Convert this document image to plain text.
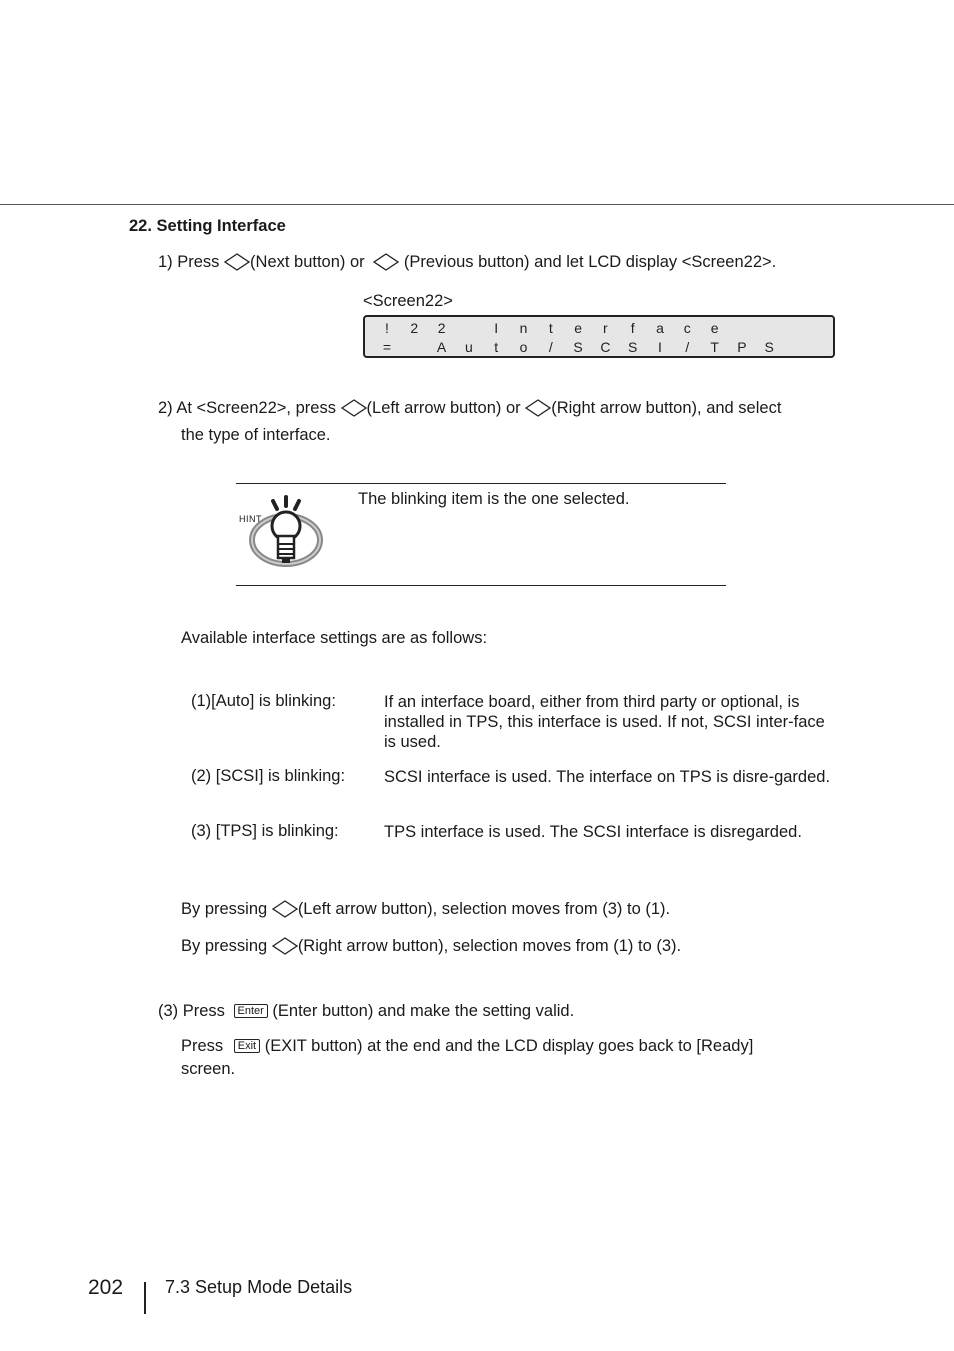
22. Setting Interface
1) Press (Next button) or (Previous button) and let LCD display <Screen22>.
<Screen22>
!	2	2	I	n	t	e	r	f	a	c	e
=	A	u	t	o	/	S	C	S	I	/	T	P	S
2) At <Screen22>, press (Left arrow button) or (Right arrow button), and select
the type of interface.
HINT
The blinking item is the one selected.
Available interface settings are as follows:
(1)[Auto] is blinking:	If an interface board, either from third party or optional, is installed in TPS, this interface is used. If not, SCSI inter-face is used.
(2) [SCSI] is blinking: SCSI interface is used. The interface on TPS is disre-garded.
(3) [TPS] is blinking:	TPS interface is used. The SCSI interface is disregarded.
By pressing (Left arrow button), selection moves from (3) to (1).
By pressing (Right arrow button), selection moves from (1) to (3).
(3) Press Enter (Enter button) and make the setting valid.
Press Exit (EXIT button) at the end and the LCD display goes back to [Ready]
screen.
202 7.3 Setup Mode Details
